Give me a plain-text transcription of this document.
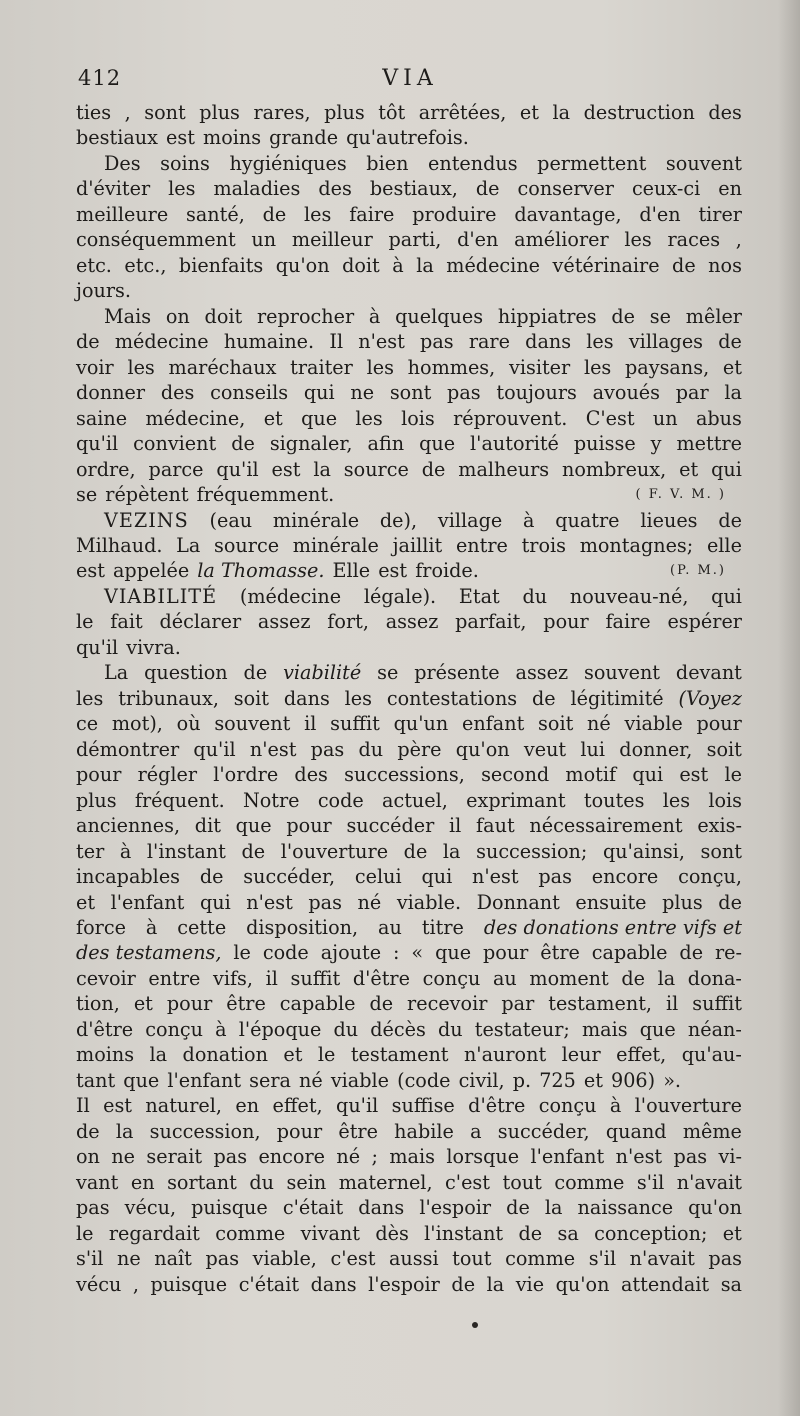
VIA
412
ties , sont plus rares, plus tôt arrêtées, et la destruction des
bestiaux est moins grande qu'autrefois.
Des soins hygiéniques bien entendus permettent souvent
d'éviter les maladies des bestiaux, de conserver ceux-ci en
meilleure santé, de les faire produire davantage, d'en tirer
conséquemment un meilleur parti, d'en améliorer les races ,
etc. etc., bienfaits qu'on doit à la médecine vétérinaire de nos
jours.
Mais on doit reprocher à quelques hippiatres de se mêler
de médecine humaine. Il n'est pas rare dans les villages de
voir les maréchaux traiter les hommes, visiter les paysans, et
donner des conseils qui ne sont pas toujours avoués par la
saine médecine, et que les lois réprouvent. C'est un abus
qu'il convient de signaler, afin que l'autorité puisse y mettre
ordre, parce qu'il est la source de malheurs nombreux, et qui
se répètent fréquemment.	( F. V. M. )
VEZINS (eau minérale de), village à quatre lieues de
Milhaud. La source minérale jaillit entre trois montagnes; elle
est appelée la Thomasse. Elle est froide.	(P. M.)
VIABILITÉ (médecine légale). Etat du nouveau-né, qui
le fait déclarer assez fort, assez parfait, pour faire espérer
qu'il vivra.
La question de viabilité se présente assez souvent devant
les tribunaux, soit dans les contestations de légitimité (Voyez
ce mot), où souvent il suffit qu'un enfant soit né viable pour
démontrer qu'il n'est pas du père qu'on veut lui donner, soit
pour régler l'ordre des successions, second motif qui est le
plus fréquent. Notre code actuel, exprimant toutes les lois
anciennes, dit que pour succéder il faut nécessairement exis-
ter à l'instant de l'ouverture de la succession; qu'ainsi, sont
incapables de succéder, celui qui n'est pas encore conçu,
et l'enfant qui n'est pas né viable. Donnant ensuite plus de
force à cette disposition, au titre des donations entre vifs et
des testamens, le code ajoute : « que pour être capable de re-
cevoir entre vifs, il suffit d'être conçu au moment de la dona-
tion, et pour être capable de recevoir par testament, il suffit
d'être conçu à l'époque du décès du testateur; mais que néan-
moins la donation et le testament n'auront leur effet, qu'au-
tant que l'enfant sera né viable (code civil, p. 725 et 906) ».
Il est naturel, en effet, qu'il suffise d'être conçu à l'ouverture
de la succession, pour être habile a succéder, quand même
on ne serait pas encore né ; mais lorsque l'enfant n'est pas vi-
vant en sortant du sein maternel, c'est tout comme s'il n'avait
pas vécu, puisque c'était dans l'espoir de la naissance qu'on
le regardait comme vivant dès l'instant de sa conception; et
s'il ne naît pas viable, c'est aussi tout comme s'il n'avait pas
vécu , puisque c'était dans l'espoir de la vie qu'on attendait sa
